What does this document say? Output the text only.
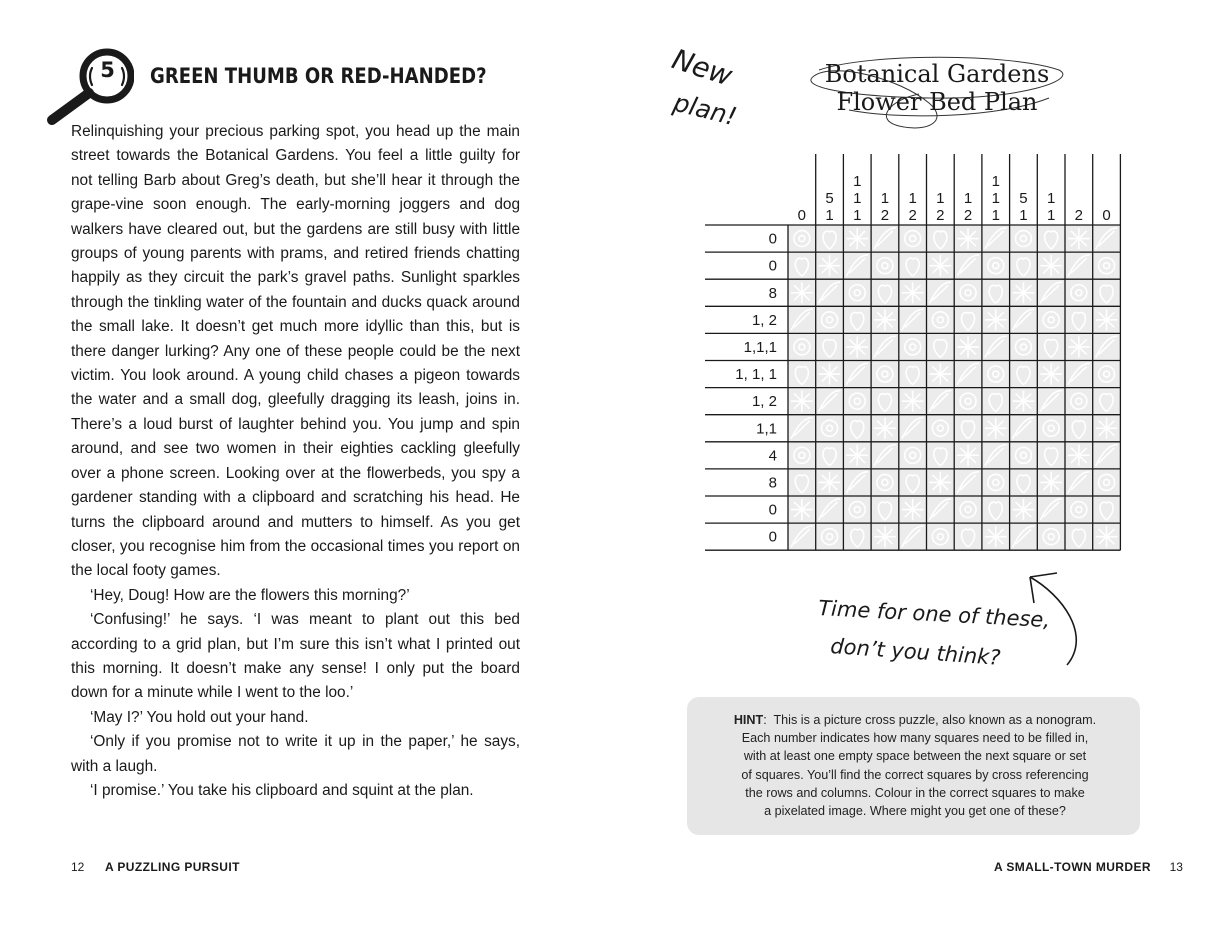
5	GREEN THUMB OR RED-HANDED?

Relinquishing your precious parking spot, you head up the main street towards the Botanical Gardens. You feel a little guilty for not telling Barb about Greg’s death, but she’ll hear it through the grape-vine soon enough. The early-morning joggers and dog walkers have cleared out, but the gardens are still busy with little groups of young parents with prams, and retired friends chatting happily as they circuit the park’s gravel paths. Sunlight sparkles through the tinkling water of the fountain and ducks quack around the small lake. It doesn’t get much more idyllic than this, but is there danger lurking? Any one of these people could be the next victim. You look around. A young child chases a pigeon towards the water and a small dog, gleefully dragging its leash, joins in. There’s a loud burst of laughter behind you. You jump and spin around, and see two women in their eighties cackling gleefully over a phone screen. Looking over at the flowerbeds, you spy a gardener standing with a clipboard and scratching his head. He turns the clipboard around and mutters to himself. As you get closer, you recognise him from the occasional times you report on the local footy games.

‘Hey, Doug! How are the flowers this morning?’

‘Confusing!’ he says. ‘I was meant to plant out this bed according to a grid plan, but I’m sure this isn’t what I printed out this morning. It doesn’t make any sense! I only put the board down for a minute while I went to the loo.’

‘May I?’ You hold out your hand.

‘Only if you promise not to write it up in the paper,’ he says, with a laugh.

‘I promise.’ You take his clipboard and squint at the plan.

12 A PUZZLING PURSUIT
New
plan!
Botanical Gardens
Flower Bed Plan
0
5
1
1
1
1
1
2
1
2
1
2
1
2
1
1
1
5
1
1
1 2 0
0
0
8
1, 2
1,1,1
1, 1, 1
1, 2
1,1
4
8
0
0
Time for one of these,
don’t you think?
HINT:  This is a picture cross puzzle, also known as a nonogram.
Each number indicates how many squares need to be filled in,
with at least one empty space between the next square or set
of squares. You’ll find the correct squares by cross referencing
the rows and columns. Colour in the correct squares to make
a pixelated image. Where might you get one of these?
A SMALL-TOWN MURDER 13
